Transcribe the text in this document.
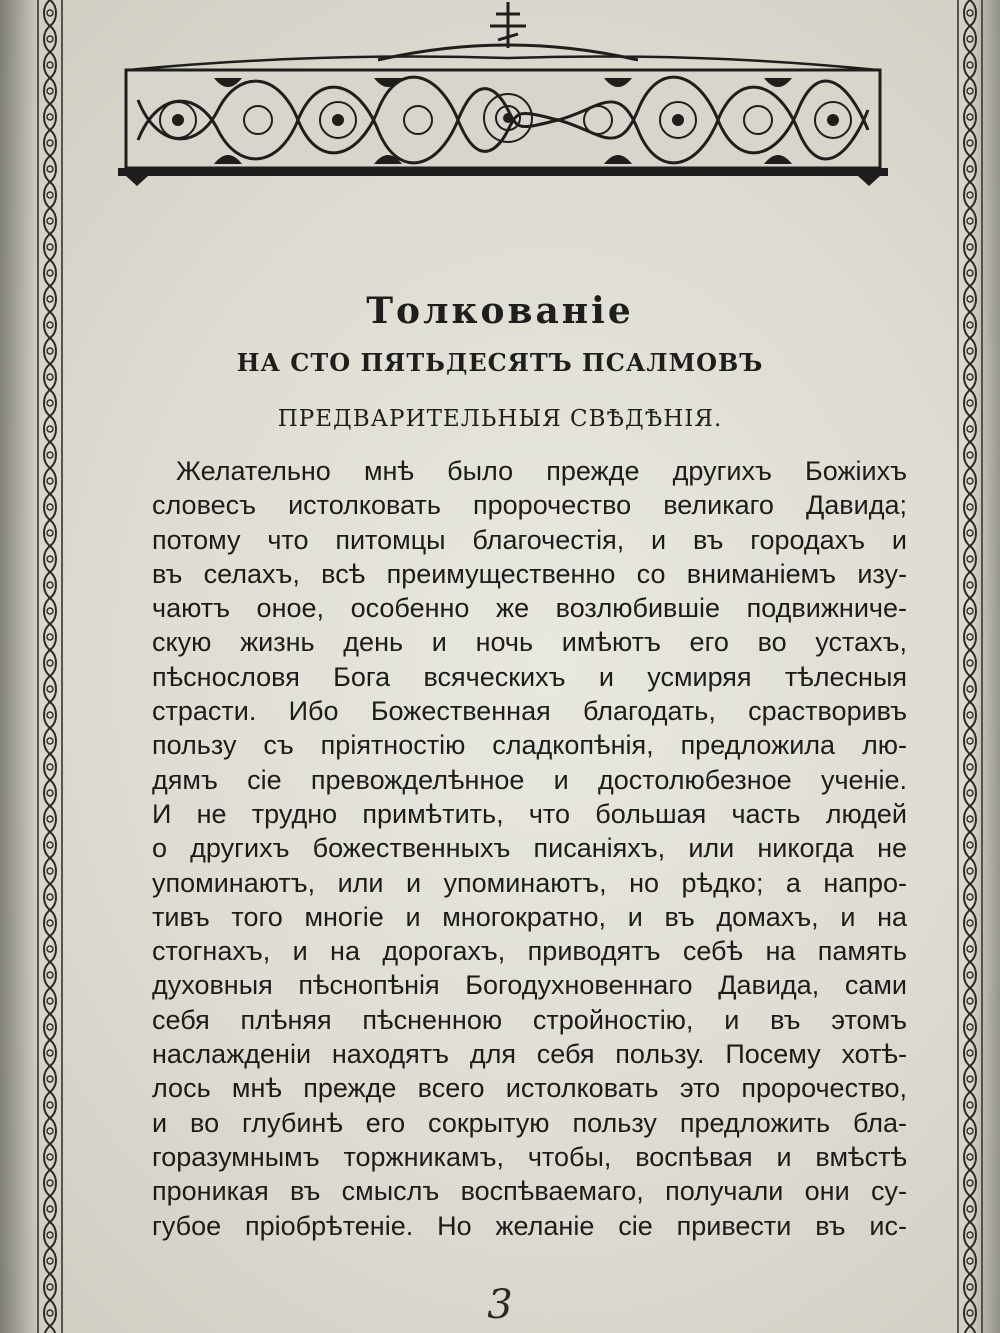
Толкованіе
НА СТО ПЯТЬДЕСЯТЪ ПСАЛМОВЪ
ПРЕДВАРИТЕЛЬНЫЯ СВѢДѢНІЯ.
Желательно мнѣ было прежде другихъ Божіихъ
словесъ истолковать пророчество великаго Давида;
потому что питомцы благочестія, и въ городахъ и
въ селахъ, всѣ преимущественно со вниманіемъ изу-
чаютъ оное, особенно же возлюбившіе подвижниче-
скую жизнь день и ночь имѣютъ его во устахъ,
пѣснословя Бога всяческихъ и усмиряя тѣлесныя
страсти. Ибо Божественная благодать, срастворивъ
пользу съ пріятностію сладкопѣнія, предложила лю-
дямъ сіе превожделѣнное и достолюбезное ученіе.
И не трудно примѣтить, что большая часть людей
о другихъ божественныхъ писаніяхъ, или никогда не
упоминаютъ, или и упоминаютъ, но рѣдко; а напро-
тивъ того многіе и многократно, и въ домахъ, и на
стогнахъ, и на дорогахъ, приводятъ себѣ на память
духовныя пѣснопѣнія Богодухновеннаго Давида, сами
себя плѣняя пѣсненною стройностію, и въ этомъ
наслажденіи находятъ для себя пользу. Посему хотѣ-
лось мнѣ прежде всего истолковать это пророчество,
и во глубинѣ его сокрытую пользу предложить бла-
горазумнымъ торжникамъ, чтобы, воспѣвая и вмѣстѣ
проникая въ смыслъ воспѣваемаго, получали они су-
губое пріобрѣтеніе. Но желаніе сіе привести въ ис-
3
